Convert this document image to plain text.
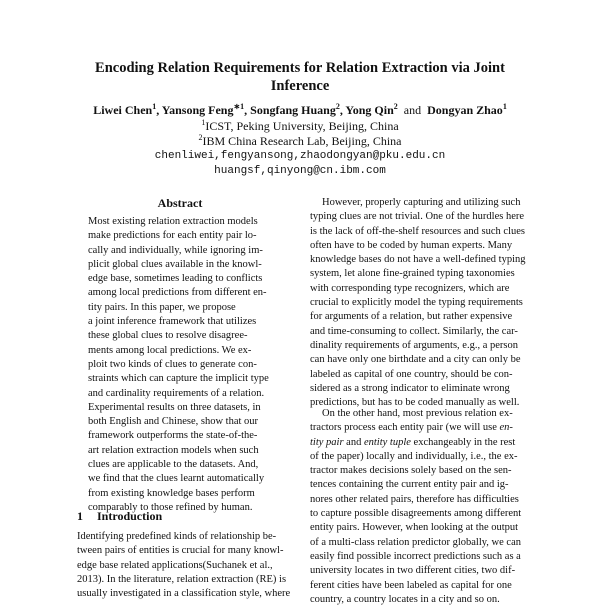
Encoding Relation Requirements for Relation Extraction via Joint
Inference
Liwei Chen$^1$, Yansong Feng$^{∗1}$, Songfang Huang$^2$, Yong Qin$^2$ and Dongyan Zhao$^1$
$^1$ICST, Peking University, Beijing, China
$^2$IBM China Research Lab, Beijing, China
chenliwei,fengyansong,zhaodongyan@pku.edu.cn
huangsf,qinyong@cn.ibm.com
Abstract
Most existing relation extraction models
make predictions for each entity pair lo-
cally and individually, while ignoring im-
plicit global clues available in the knowl-
edge base, sometimes leading to conflicts
among local predictions from different en-
tity pairs. In this paper, we propose
a joint inference framework that utilizes
these global clues to resolve disagree-
ments among local predictions. We ex-
ploit two kinds of clues to generate con-
straints which can capture the implicit type
and cardinality requirements of a relation.
Experimental results on three datasets, in
both English and Chinese, show that our
framework outperforms the state-of-the-
art relation extraction models when such
clues are applicable to the datasets. And,
we find that the clues learnt automatically
from existing knowledge bases perform
comparably to those refined by human.
1 Introduction
Identifying predefined kinds of relationship be-
tween pairs of entities is crucial for many knowl-
edge base related applications(Suchanek et al.,
2013). In the literature, relation extraction (RE) is
usually investigated in a classification style, where
However, properly capturing and utilizing such
typing clues are not trivial. One of the hurdles here
is the lack of off-the-shelf resources and such clues
often have to be coded by human experts. Many
knowledge bases do not have a well-defined typing
system, let alone fine-grained typing taxonomies
with corresponding type recognizers, which are
crucial to explicitly model the typing requirements
for arguments of a relation, but rather expensive
and time-consuming to collect. Similarly, the car-
dinality requirements of arguments, e.g., a person
can have only one birthdate and a city can only be
labeled as capital of one country, should be con-
sidered as a strong indicator to eliminate wrong
predictions, but has to be coded manually as well.
On the other hand, most previous relation ex-
tractors process each entity pair (we will use en-
tity pair and entity tuple exchangeably in the rest
of the paper) locally and individually, i.e., the ex-
tractor makes decisions solely based on the sen-
tences containing the current entity pair and ig-
nores other related pairs, therefore has difficulties
to capture possible disagreements among different
entity pairs. However, when looking at the output
of a multi-class relation predictor globally, we can
easily find possible incorrect predictions such as a
university locates in two different cities, two dif-
ferent cities have been labeled as capital for one
country, a country locates in a city and so on.
